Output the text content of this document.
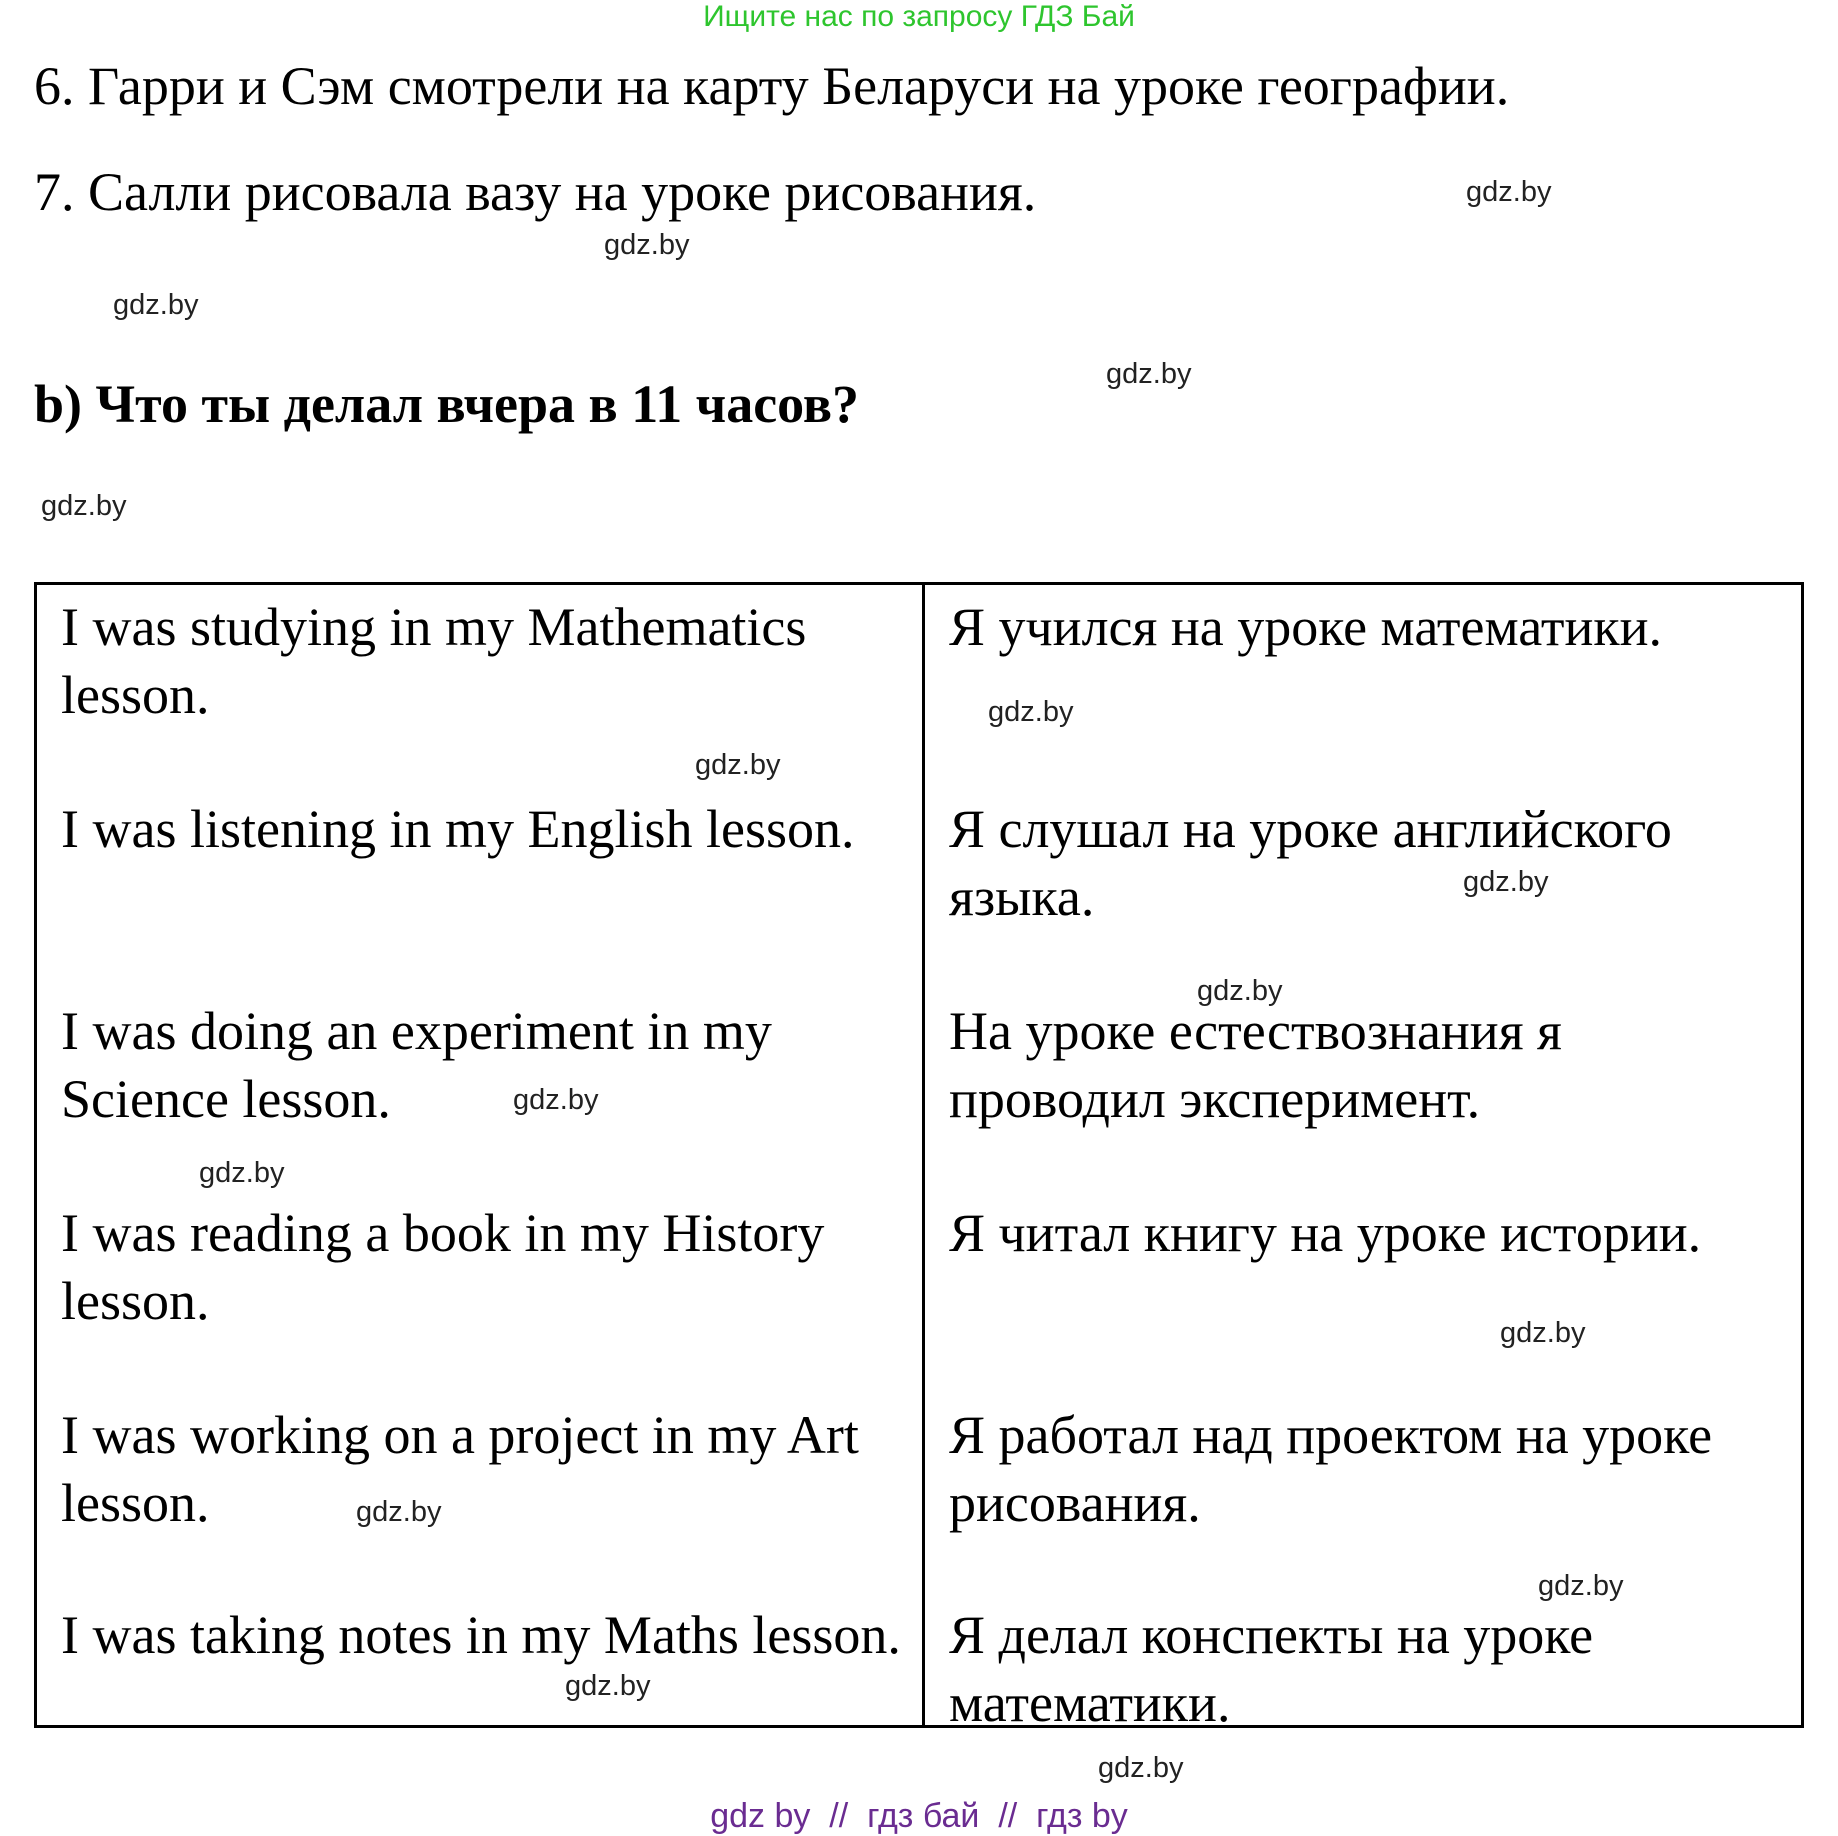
Ищите нас по запросу ГДЗ Бай
6. Гарри и Сэм смотрели на карту Беларуси на уроке географии.
7. Салли рисовала вазу на уроке рисования.
b) Что ты делал вчера в 11 часов?
gdz.by
gdz.by
gdz.by
gdz.by
gdz.by
gdz.by
gdz.by
gdz.by
gdz.by
gdz.by
gdz.by
gdz.by
gdz.by
gdz.by
gdz.by
gdz.by
I was studying in my Mathematics lesson.
Я учился на уроке математики.
I was listening in my English lesson.	Я слушал на уроке английского языка.
I was doing an experiment in my Science lesson.
На уроке естествознания я проводил эксперимент.
I was reading a book in my History lesson.
Я читал книгу на уроке истории.
I was working on a project in my Art lesson.
Я работал над проектом на уроке рисования.
I was taking notes in my Maths lesson. Я делал конспекты на уроке математики.
gdz by  //  гдз бай  //  гдз by
